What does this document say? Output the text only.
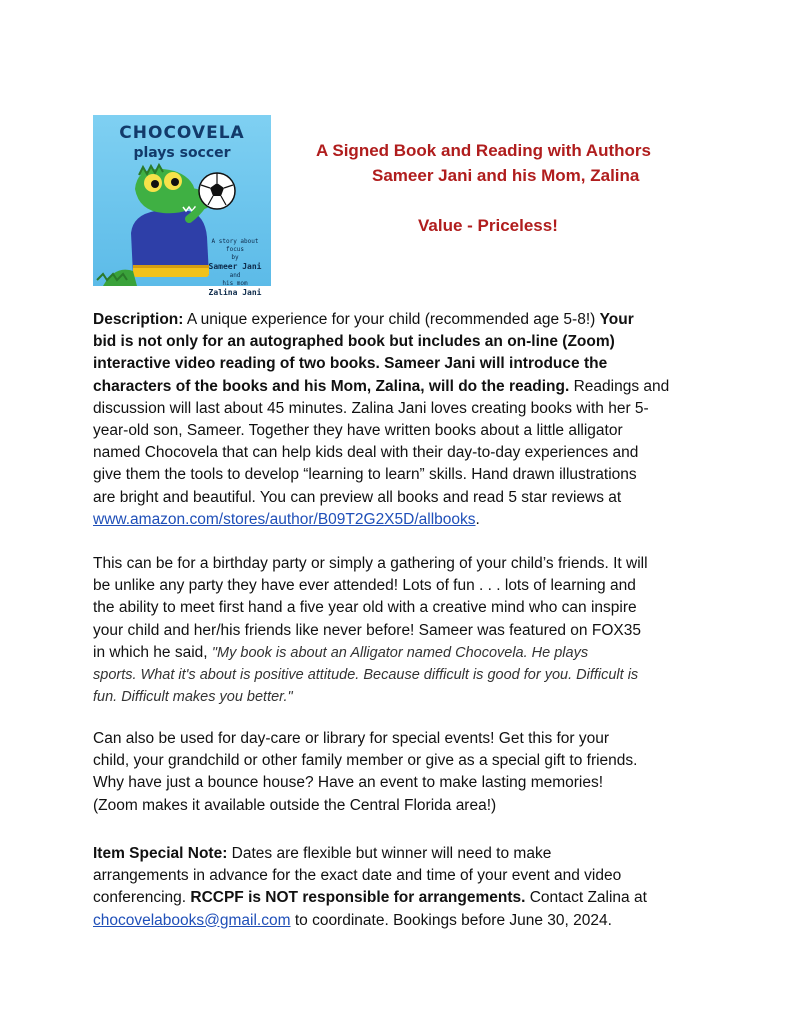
CHOCOVELA
plays soccer
A story about focus
by
Sameer Jani
and
his mom
Zalina Jani
A Signed Book and Reading with Authors
Sameer Jani and his Mom, Zalina
Value - Priceless!
Description: A unique experience for your child (recommended age 5-8!) Your
bid is not only for an autographed book but includes an on-line (Zoom)
interactive video reading of two books. Sameer Jani will introduce the
characters of the books and his Mom, Zalina, will do the reading. Readings and
discussion will last about 45 minutes. Zalina Jani loves creating books with her 5-
year-old son, Sameer. Together they have written books about a little alligator
named Chocovela that can help kids deal with their day-to-day experiences and
give them the tools to develop “learning to learn” skills. Hand drawn illustrations
are bright and beautiful. You can preview all books and read 5 star reviews at
www.amazon.com/stores/author/B09T2G2X5D/allbooks.
This can be for a birthday party or simply a gathering of your child’s friends. It will
be unlike any party they have ever attended! Lots of fun . . . lots of learning and
the ability to meet first hand a five year old with a creative mind who can inspire
your child and her/his friends like never before! Sameer was featured on FOX35
in which he said, "My book is about an Alligator named Chocovela. He plays
sports. What it's about is positive attitude. Because difficult is good for you. Difficult is
fun. Difficult makes you better."
Can also be used for day-care or library for special events! Get this for your
child, your grandchild or other family member or give as a special gift to friends.
Why have just a bounce house? Have an event to make lasting memories!
(Zoom makes it available outside the Central Florida area!)
Item Special Note: Dates are flexible but winner will need to make
arrangements in advance for the exact date and time of your event and video
conferencing. RCCPF is NOT responsible for arrangements. Contact Zalina at
chocovelabooks@gmail.com to coordinate. Bookings before June 30, 2024.
